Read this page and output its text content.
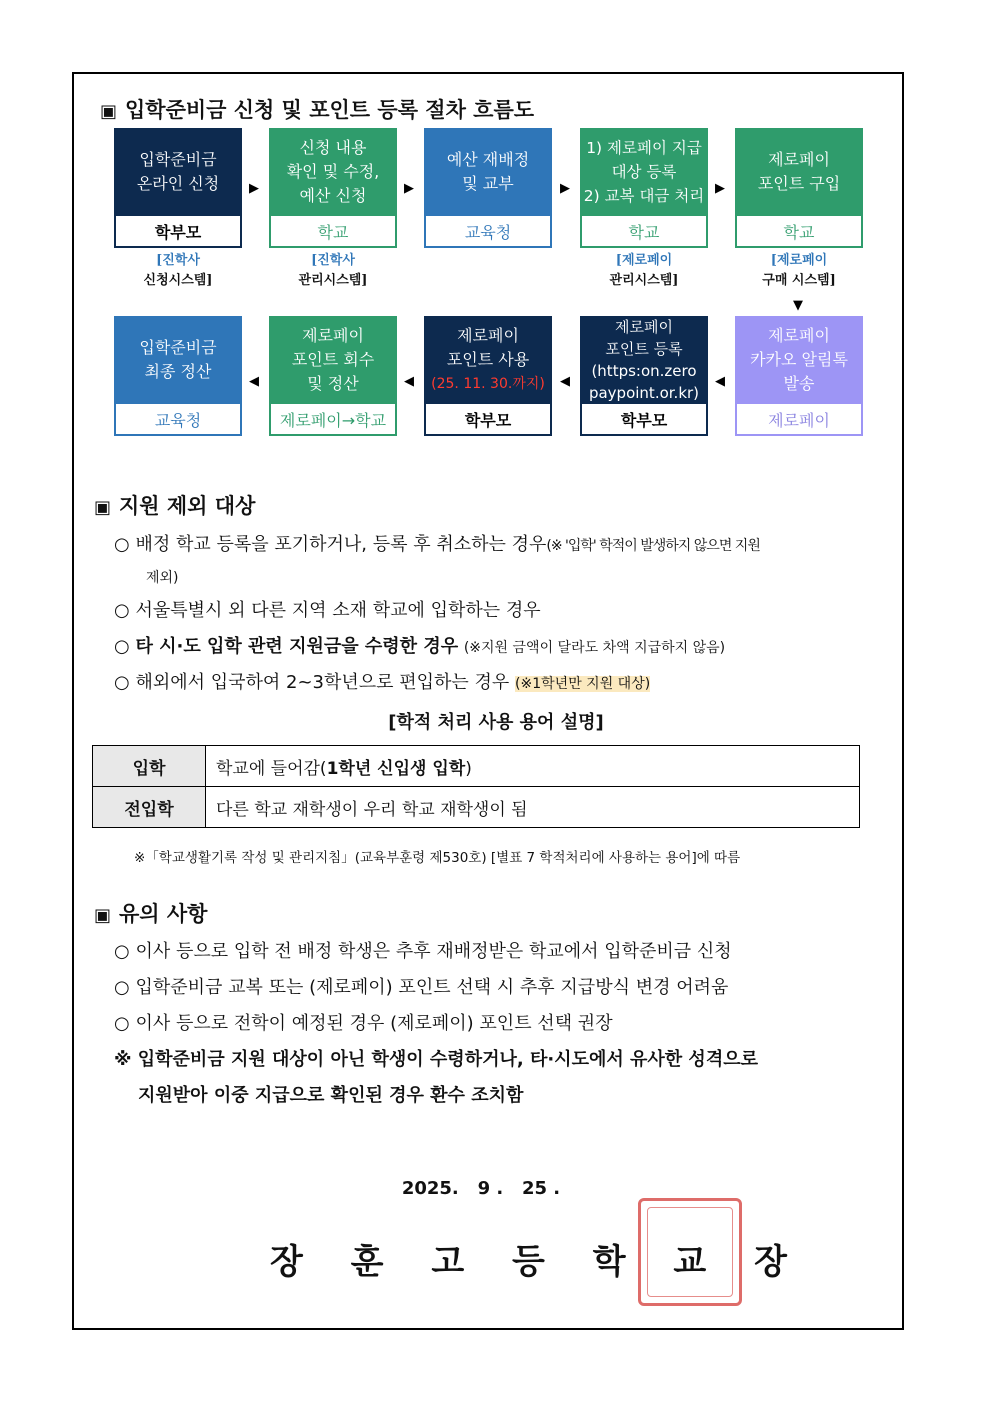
▣ 입학준비금 신청 및 포인트 등록 절차 흐름도
입학준비금
온라인 신청
학부모
신청 내용
확인 및 수정,
예산 신청
학교
예산 재배정
및 교부
교육청
1) 제로페이 지급
대상 등록
2) 교복 대금 처리
학교
제로페이
포인트 구입
학교
▶	▶	▶	▶
[진학사
신청시스템]
[진학사
관리시스템]
[제로페이
관리시스템]
[제로페이
구매 시스템]
▼
입학준비금
최종 정산
교육청
제로페이
포인트 회수
및 정산
제로페이→학교
제로페이
포인트 사용
(25. 11. 30.까지)
학부모
제로페이
포인트 등록
(https:on.zero
paypoint.or.kr)
학부모
제로페이
카카오 알림톡
발송
제로페이
◀	◀	◀	◀
▣ 지원 제외 대상
○ 배정 학교 등록을 포기하거나, 등록 후 취소하는 경우(※ '입학' 학적이 발생하지 않으면 지원
제외)
○ 서울특별시 외 다른 지역 소재 학교에 입학하는 경우
○ 타 시·도 입학 관련 지원금을 수령한 경우 (※지원 금액이 달라도 차액 지급하지 않음)
○ 해외에서 입국하여 2~3학년으로 편입하는 경우 (※1학년만 지원 대상)
[학적 처리 사용 용어 설명]
입학	학교에 들어감(1학년 신입생 입학)
전입학	다른 학교 재학생이 우리 학교 재학생이 됨
※「학교생활기록 작성 및 관리지침」(교육부훈령 제530호) [별표 7 학적처리에 사용하는 용어]에 따름
▣ 유의 사항
○ 이사 등으로 입학 전 배정 학생은 추후 재배정받은 학교에서 입학준비금 신청
○ 입학준비금 교복 또는 (제로페이) 포인트 선택 시 추후 지급방식 변경 어려움
○ 이사 등으로 전학이 예정된 경우 (제로페이) 포인트 선택 권장
※ 입학준비금 지원 대상이 아닌 학생이 수령하거나, 타·시도에서 유사한 성격으로
지원받아 이중 지급으로 확인된 경우 환수 조치함
2025.   9 .   25 .
장 훈 고 등 학 교 장
